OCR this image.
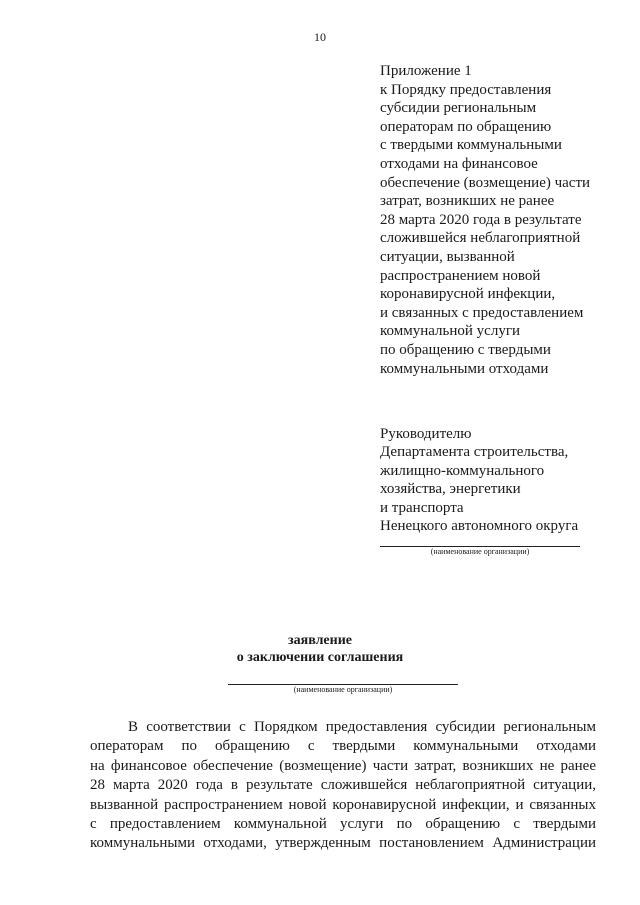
10
Приложение 1
к Порядку предоставления
субсидии региональным
операторам по обращению
с твердыми коммунальными
отходами на финансовое
обеспечение (возмещение) части
затрат, возникших не ранее
28 марта 2020 года в результате
сложившейся неблагоприятной
ситуации, вызванной
распространением новой
коронавирусной инфекции,
и связанных с предоставлением
коммунальной услуги
по обращению с твердыми
коммунальными отходами
Руководителю
Департамента строительства,
жилищно-коммунального
хозяйства, энергетики
и транспорта
Ненецкого автономного округа
(наименование организации)
заявление
о заключении соглашения
(наименование организации)
В соответствии с Порядком предоставления субсидии региональным
операторам по обращению с твердыми коммунальными отходами
на финансовое обеспечение (возмещение) части затрат, возникших не ранее
28 марта 2020 года в результате сложившейся неблагоприятной ситуации,
вызванной распространением новой коронавирусной инфекции, и связанных
с предоставлением коммунальной услуги по обращению с твердыми
коммунальными отходами, утвержденным постановлением Администрации
